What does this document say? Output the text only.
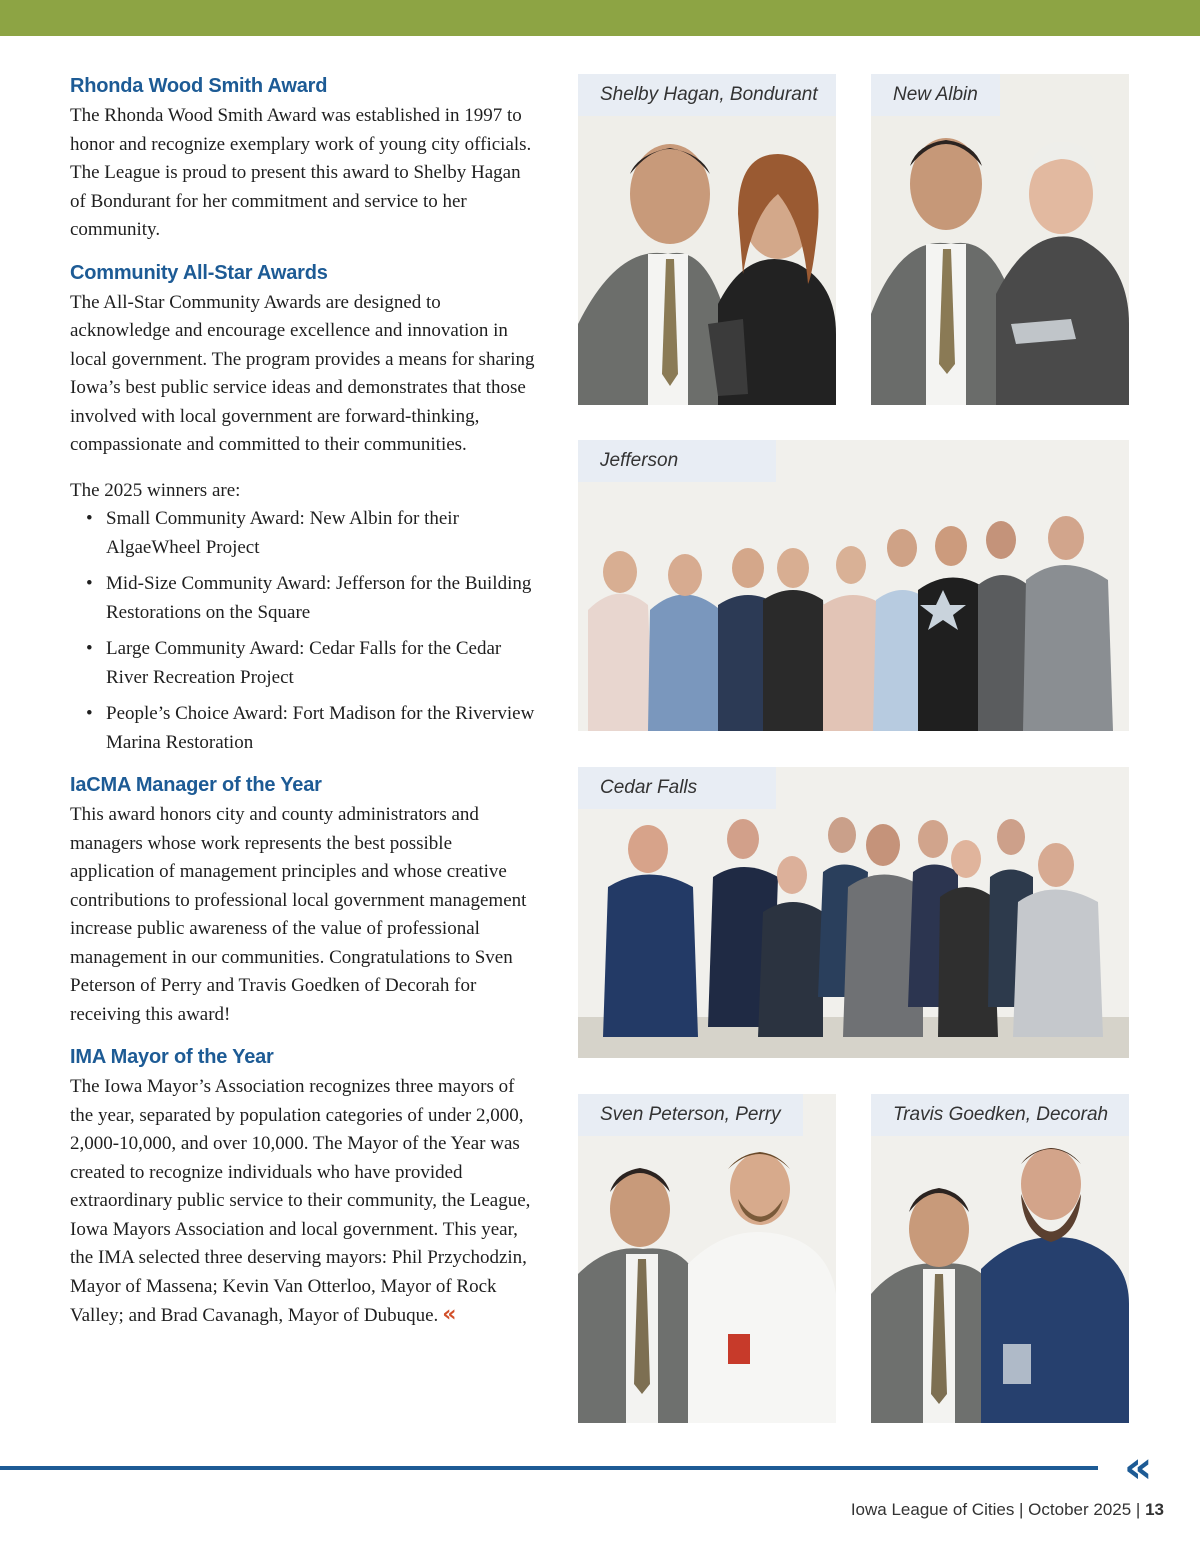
Rhonda Wood Smith Award

The Rhonda Wood Smith Award was established in 1997 to honor and recognize exemplary work of young city officials. The League is proud to present this award to Shelby Hagan of Bondurant for her commitment and service to her community.

Community All-Star Awards

The All-Star Community Awards are designed to acknowledge and encourage excellence and innovation in local government. The program provides a means for sharing Iowa’s best public service ideas and demonstrates that those involved with local government are forward-thinking, compassionate and committed to their communities.

The 2025 winners are:

• Small Community Award: New Albin for their AlgaeWheel Project
• Mid-Size Community Award: Jefferson for the Building Restorations on the Square
• Large Community Award: Cedar Falls for the Cedar River Recreation Project
• People’s Choice Award: Fort Madison for the Riverview Marina Restoration
IaCMA Manager of the Year

This award honors city and county administrators and managers whose work represents the best possible application of management principles and whose creative contributions to professional local government management increase public awareness of the value of professional management in our communities. Congratulations to Sven Peterson of Perry and Travis Goedken of Decorah for receiving this award!

IMA Mayor of the Year

The Iowa Mayor’s Association recognizes three mayors of the year, separated by population categories of under 2,000, 2,000-10,000, and over 10,000. The Mayor of the Year was created to recognize individuals who have provided extraordinary public service to their community, the League, Iowa Mayors Association and local government. This year, the IMA selected three deserving mayors: Phil Przychodzin, Mayor of Massena; Kevin Van Otterloo, Mayor of Rock Valley; and Brad Cavanagh, Mayor of Dubuque. «

Shelby Hagan, Bondurant	New Albin
Jefferson
Cedar Falls
Sven Peterson, Perry	Travis Goedken, Decorah
«
Iowa League of Cities | October 2025 | 13
